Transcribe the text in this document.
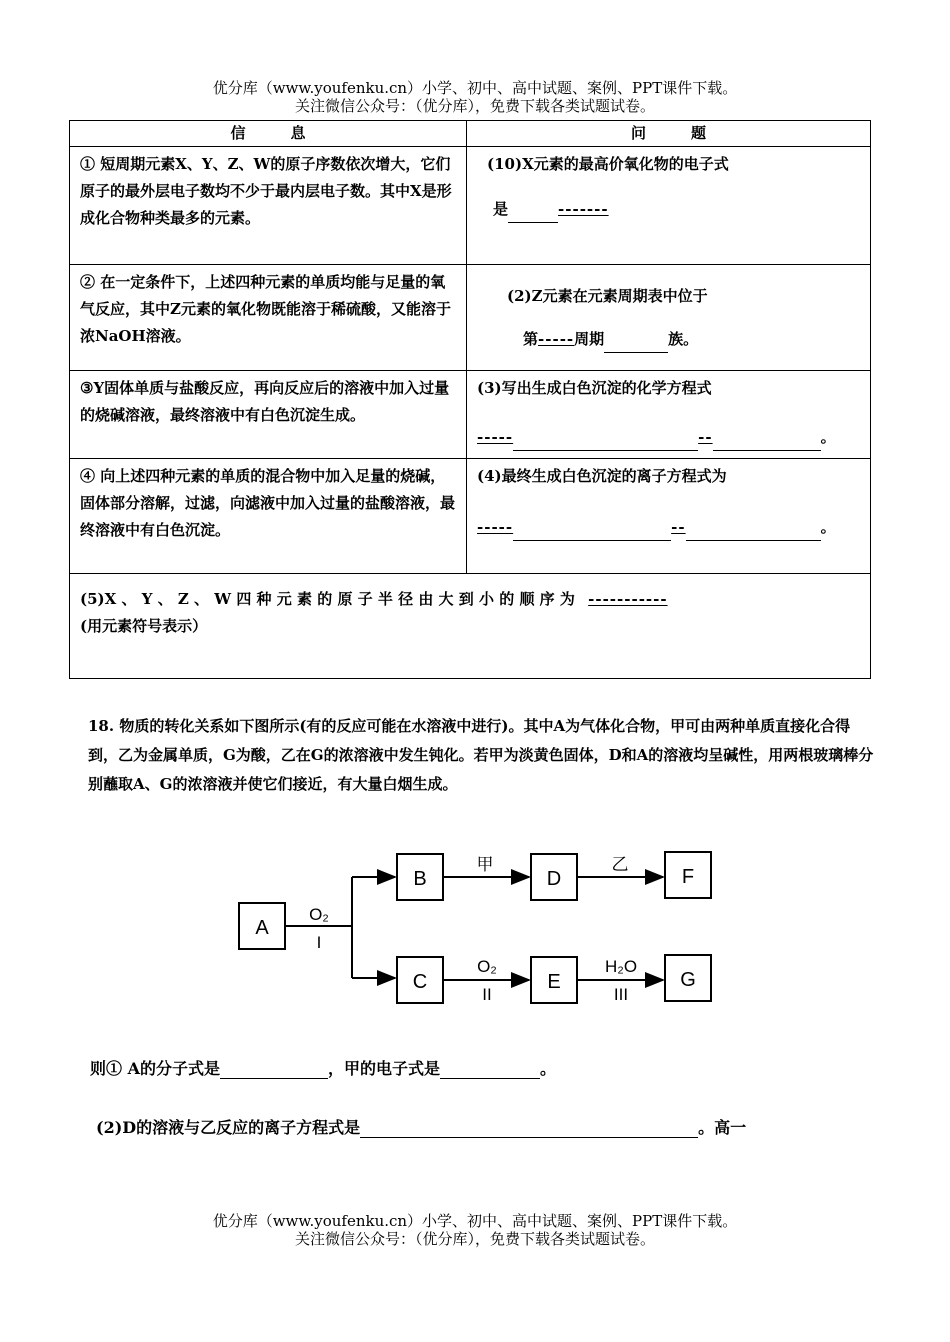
优分库（www.youfenku.cn）小学、初中、高中试题、案例、PPT课件下载。
关注微信公众号：（优分库），免费下载各类试题试卷。
信　　　息	问　　　题

① 短周期元素X、Y、Z、W的原子序数依次增大，它们原子的最外层电子数均不少于最内层电子数。其中X是形成化合物种类最多的元素。	(10)X元素的最高价氧化物的电子式
是 -------

② 在一定条件下，上述四种元素的单质均能与足量的氧气反应，其中Z元素的氧化物既能溶于稀硫酸，又能溶于浓NaOH溶液。	(2)Z元素在元素周期表中位于
第-----周期 族。

③Y固体单质与盐酸反应，再向反应后的溶液中加入过量的烧碱溶液，最终溶液中有白色沉淀生成。	(3)写出生成白色沉淀的化学方程式
----- -- 。

④ 向上述四种元素的单质的混合物中加入足量的烧碱，固体部分溶解，过滤，向滤液中加入过量的盐酸溶液，最终溶液中有白色沉淀。	(4)最终生成白色沉淀的离子方程式为
----- -- 。

(5)X 、 Y 、 Z 、 W 四 种 元 素 的 原 子 半 径 由 大 到 小 的 顺 序 为 -----------
(用元素符号表示）	
18. 物质的转化关系如下图所示(有的反应可能在水溶液中进行)。其中A为气体化合物，甲可由两种单质直接化合得到，乙为金属单质，G为酸，乙在G的浓溶液中发生钝化。若甲为淡黄色固体，D和A的溶液均呈碱性，用两根玻璃棒分别蘸取A、G的浓溶液并使它们接近，有大量白烟生成。
A
B	D	F
C	E	G
O₂
I
甲	乙
O₂
II
H₂O
III
则① A的分子式是	，甲的电子式是	。
(2)D的溶液与乙反应的离子方程式是	。高一
优分库（www.youfenku.cn）小学、初中、高中试题、案例、PPT课件下载。
关注微信公众号：（优分库），免费下载各类试题试卷。
